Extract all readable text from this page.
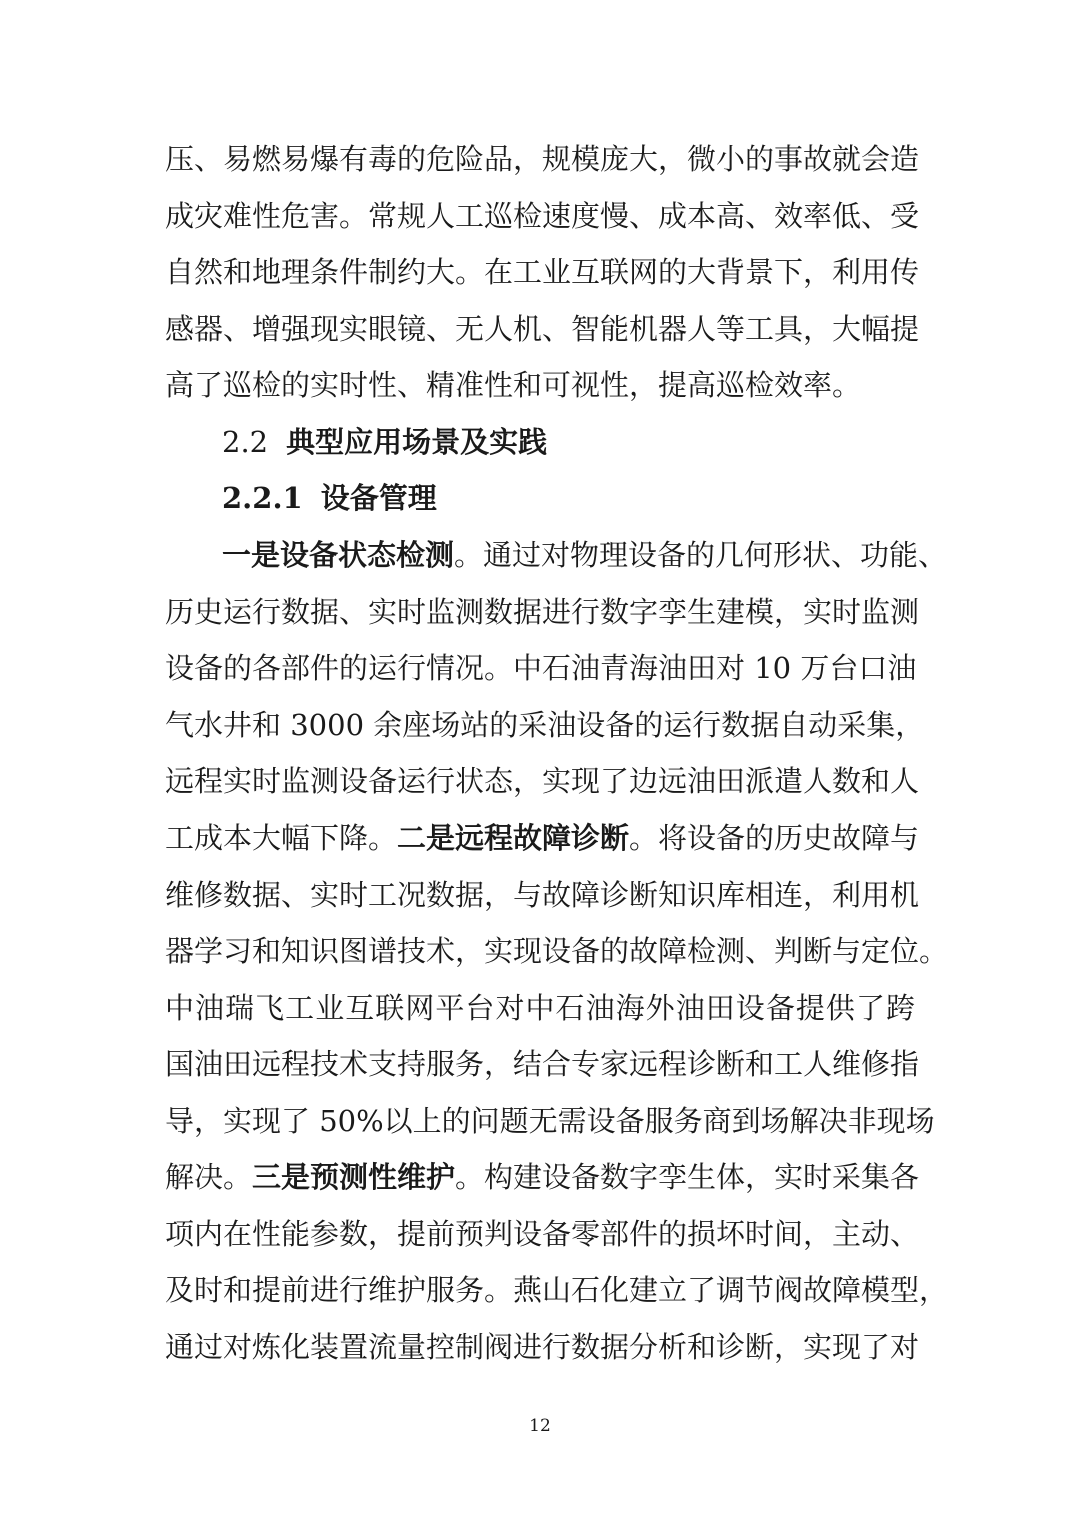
压、易燃易爆有毒的危险品，规模庞大，微小的事故就会造
成灾难性危害。常规人工巡检速度慢、成本高、效率低、受
自然和地理条件制约大。在工业互联网的大背景下，利用传
感器、增强现实眼镜、无人机、智能机器人等工具，大幅提
高了巡检的实时性、精准性和可视性，提高巡检效率。
2.2 典型应用场景及实践
2.2.1 设备管理
一是设备状态检测。通过对物理设备的几何形状、功能、
历史运行数据、实时监测数据进行数字孪生建模，实时监测
设备的各部件的运行情况。中石油青海油田对 10 万台口油
气水井和 3000 余座场站的采油设备的运行数据自动采集，
远程实时监测设备运行状态，实现了边远油田派遣人数和人
工成本大幅下降。二是远程故障诊断。将设备的历史故障与
维修数据、实时工况数据，与故障诊断知识库相连，利用机
器学习和知识图谱技术，实现设备的故障检测、判断与定位。
中油瑞飞工业互联网平台对中石油海外油田设备提供了跨
国油田远程技术支持服务，结合专家远程诊断和工人维修指
导，实现了 50%以上的问题无需设备服务商到场解决非现场
解决。三是预测性维护。构建设备数字孪生体，实时采集各
项内在性能参数，提前预判设备零部件的损坏时间，主动、
及时和提前进行维护服务。燕山石化建立了调节阀故障模型，
通过对炼化装置流量控制阀进行数据分析和诊断，实现了对
12
